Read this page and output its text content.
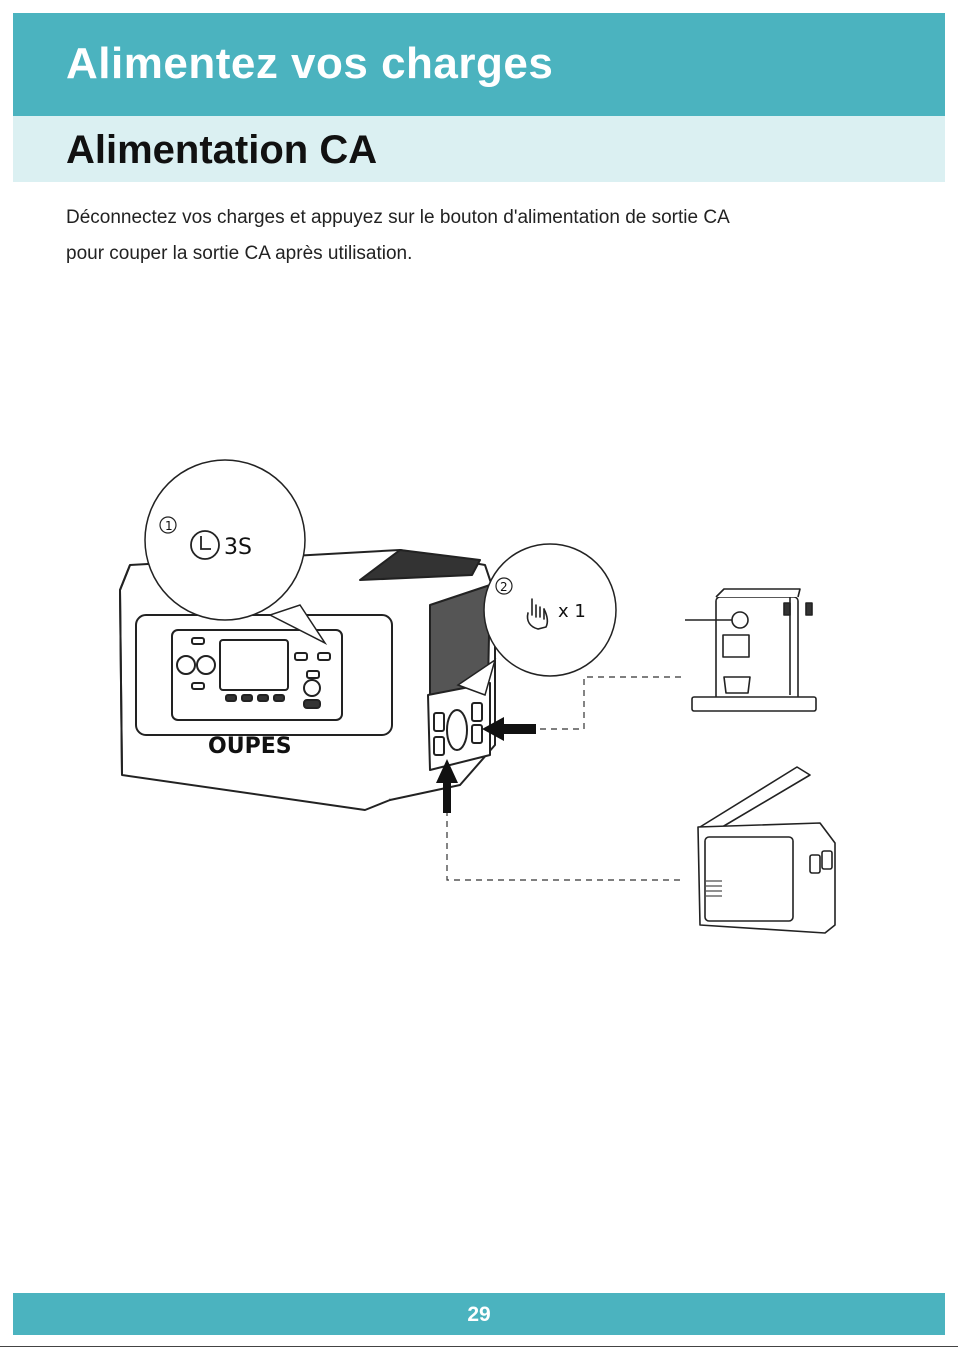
Alimentez vos charges
Alimentation CA

Déconnectez vos charges et appuyez sur le bouton d'alimentation de sortie CA
pour couper la sortie CA après utilisation.

OUPES
1
3S
2
x 1
29
